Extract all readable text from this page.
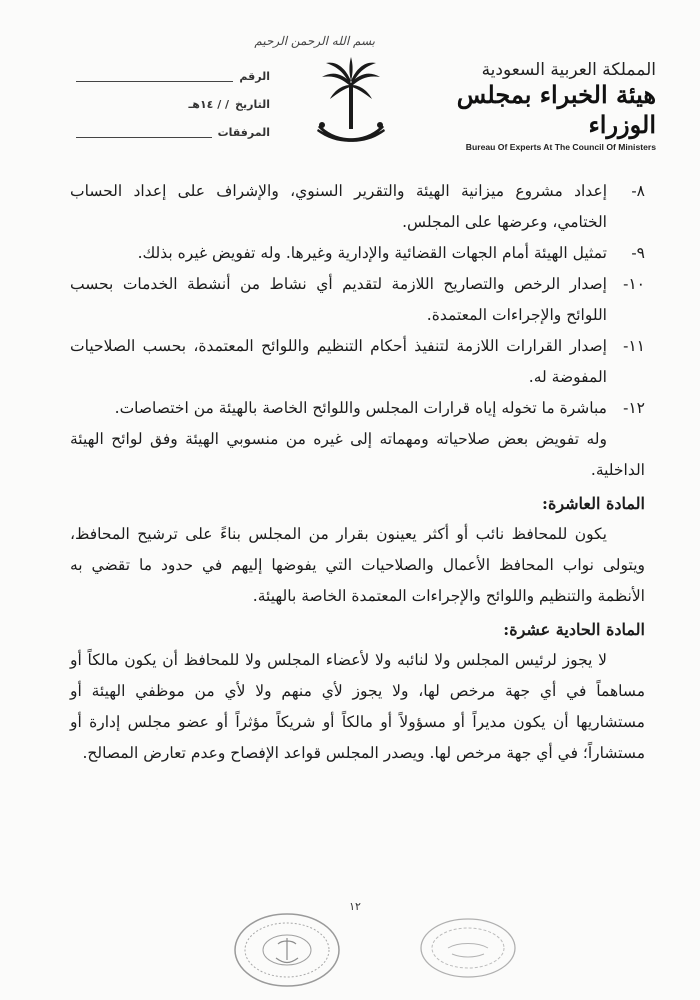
الرقم
التاريخ
/ / ١٤هـ
المرفقات
بسم الله الرحمن الرحيم
المملكة العربية السعودية
هيئة الخبراء بمجلس الوزراء
Bureau Of Experts At The Council Of Ministers

٨-
إعداد مشروع ميزانية الهيئة والتقرير السنوي، والإشراف على إعداد الحساب الختامي، وعرضها على المجلس.

٩-
تمثيل الهيئة أمام الجهات القضائية والإدارية وغيرها. وله تفويض غيره بذلك.

١٠-
إصدار الرخص والتصاريح اللازمة لتقديم أي نشاط من أنشطة الخدمات بحسب اللوائح والإجراءات المعتمدة.

١١-
إصدار القرارات اللازمة لتنفيذ أحكام التنظيم واللوائح المعتمدة، بحسب الصلاحيات المفوضة له.

١٢-
مباشرة ما تخوله إياه قرارات المجلس واللوائح الخاصة بالهيئة من اختصاصات.

وله تفويض بعض صلاحياته ومهماته إلى غيره من منسوبي الهيئة وفق لوائح الهيئة الداخلية.

المادة العاشرة:

يكون للمحافظ نائب أو أكثر يعينون بقرار من المجلس بناءً على ترشيح المحافظ، ويتولى نواب المحافظ الأعمال والصلاحيات التي يفوضها إليهم في حدود ما تقضي به الأنظمة والتنظيم واللوائح والإجراءات المعتمدة الخاصة بالهيئة.

المادة الحادية عشرة:

لا يجوز لرئيس المجلس ولا لنائبه ولا لأعضاء المجلس ولا للمحافظ أن يكون مالكاً أو مساهماً في أي جهة مرخص لها، ولا يجوز لأي منهم ولا لأي من موظفي الهيئة أو مستشاريها أن يكون مديراً أو مسؤولاً أو مالكاً أو شريكاً مؤثراً أو عضو مجلس إدارة أو مستشاراً؛ في أي جهة مرخص لها. ويصدر المجلس قواعد الإفصاح وعدم تعارض المصالح.

١٢
